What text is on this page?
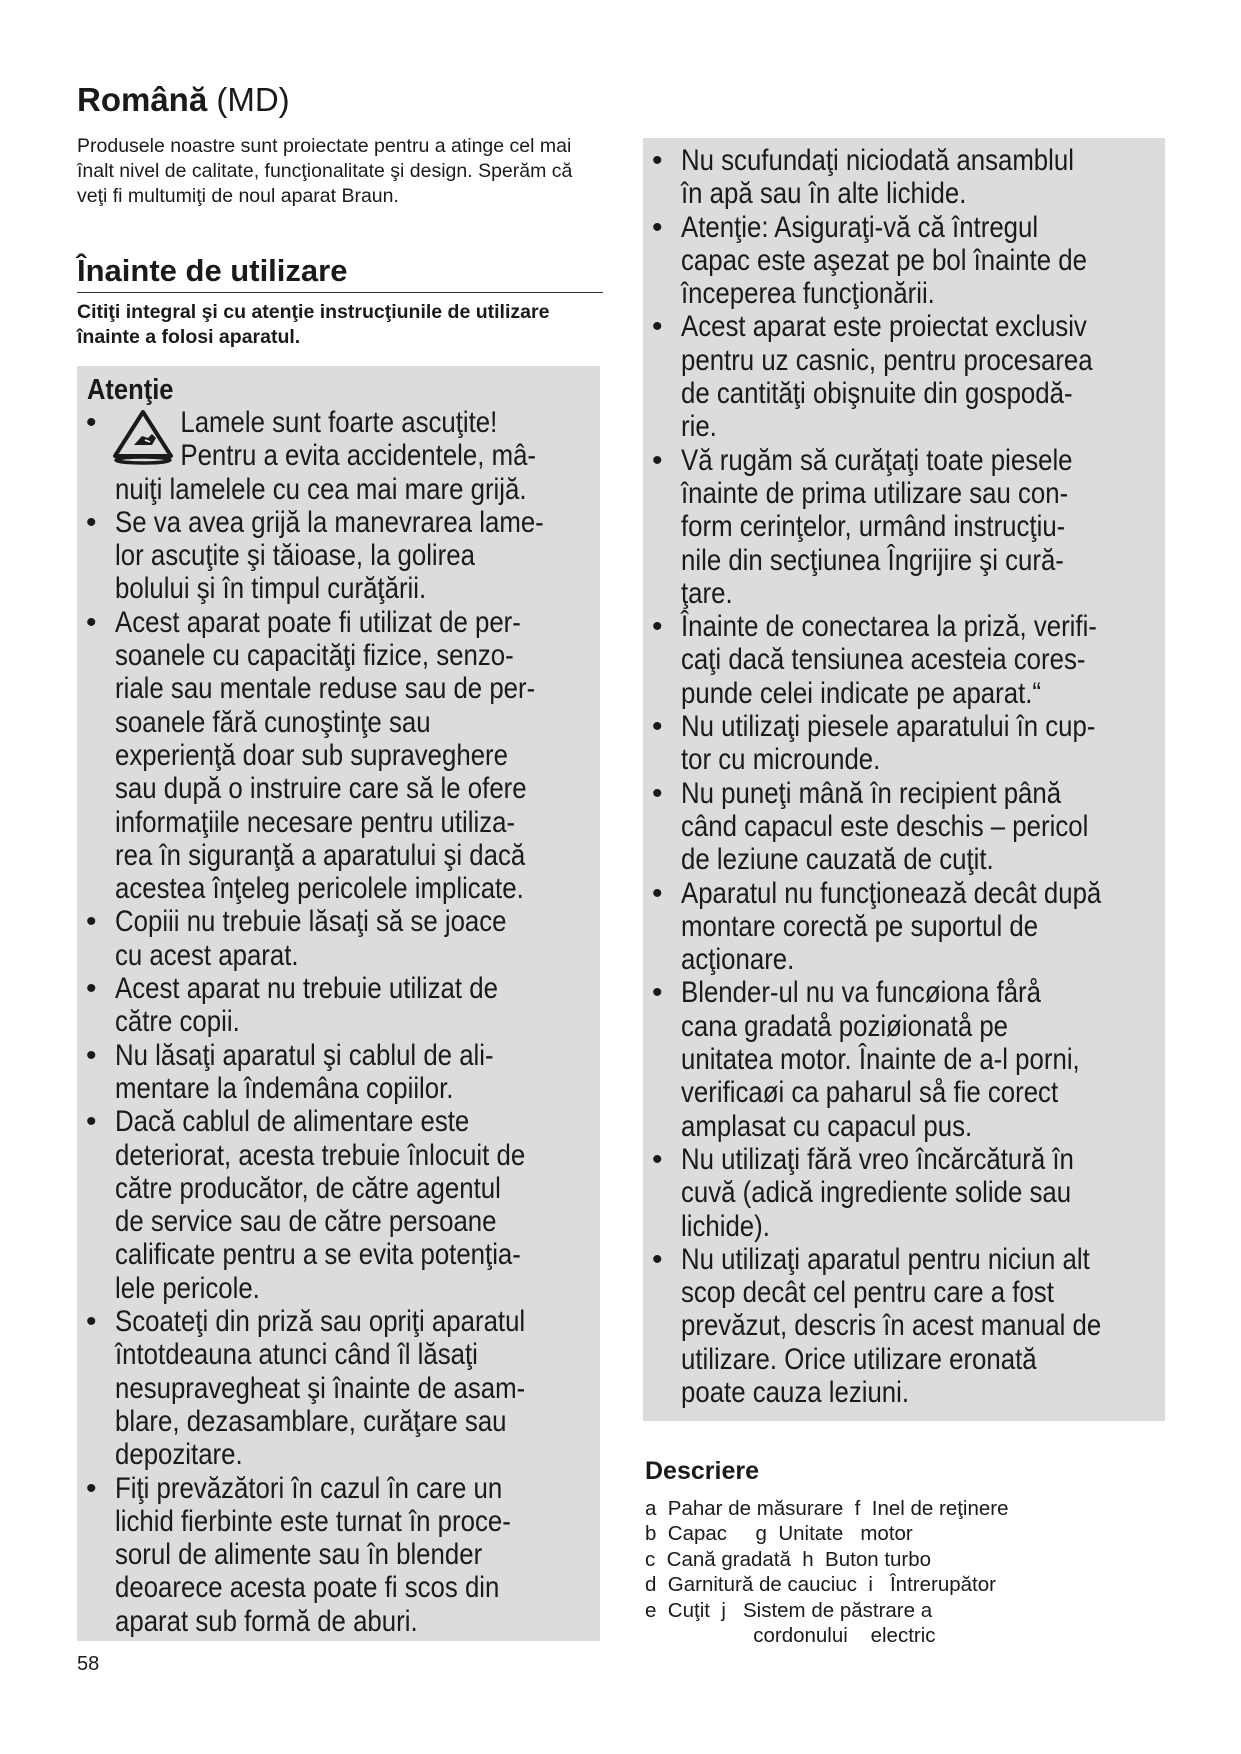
Română (MD)
Produsele noastre sunt proiectate pentru a atinge cel mai înalt nivel de calitate, funcţionalitate şi design. Sperăm că veţi fi multumiţi de noul aparat Braun.
Înainte de utilizare
Citiţi integral şi cu atenţie instrucţiunile de utilizare înainte a folosi aparatul.
Atenţie
•	Lamele sunt foarte ascuţite!
Pentru a evita accidentele, mâ-
nuiţi lamelele cu cea mai mare grijă.
• Se va avea grijă la manevrarea lame-
lor ascuţite şi tăioase, la golirea
bolului şi în timpul curăţării.
• Acest aparat poate fi utilizat de per-
soanele cu capacităţi fizice, senzo-
riale sau mentale reduse sau de per-
soanele fără cunoştinţe sau
experienţă doar sub supraveghere
sau după o instruire care să le ofere
informaţiile necesare pentru utiliza-
rea în siguranţă a aparatului şi dacă
acestea înţeleg pericolele implicate.
• Copiii nu trebuie lăsaţi să se joace
cu acest aparat.
• Acest aparat nu trebuie utilizat de
către copii.
• Nu lăsaţi aparatul şi cablul de ali-
mentare la îndemâna copiilor.
• Dacă cablul de alimentare este
deteriorat, acesta trebuie înlocuit de
către producător, de către agentul
de service sau de către persoane
calificate pentru a se evita potenţia-
lele pericole.
• Scoateţi din priză sau opriţi aparatul
întotdeauna atunci când îl lăsaţi
nesupravegheat şi înainte de asam-
blare, dezasamblare, curăţare sau
depozitare.
• Fiţi prevăzători în cazul în care un
lichid fierbinte este turnat în proce-
sorul de alimente sau în blender
deoarece acesta poate fi scos din
aparat sub formă de aburi.
• Nu scufundaţi niciodată ansamblul
în apă sau în alte lichide.
• Atenţie: Asiguraţi-vă că întregul
capac este aşezat pe bol înainte de
începerea funcţionării.
• Acest aparat este proiectat exclusiv
pentru uz casnic, pentru procesarea
de cantităţi obişnuite din gospodă-
rie.
• Vă rugăm să curăţaţi toate piesele
înainte de prima utilizare sau con-
form cerinţelor, urmând instrucţiu-
nile din secţiunea Îngrijire şi cură-
ţare.
• Înainte de conectarea la priză, verifi-
caţi dacă tensiunea acesteia cores-
punde celei indicate pe aparat.“
• Nu utilizaţi piesele aparatului în cup-
tor cu microunde.
• Nu puneţi mână în recipient până
când capacul este deschis – pericol
de leziune cauzată de cuţit.
• Aparatul nu funcţionează decât după
montare corectă pe suportul de
acţionare.
• Blender-ul nu va funcøiona fårå
cana gradatå poziøionatå pe
unitatea motor. Înainte de a-l porni,
verificaøi ca paharul så fie corect
amplasat cu capacul pus.
• Nu utilizaţi fără vreo încărcătură în
cuvă (adică ingrediente solide sau
lichide).
• Nu utilizaţi aparatul pentru niciun alt
scop decât cel pentru care a fost
prevăzut, descris în acest manual de
utilizare. Orice utilizare eronată
poate cauza leziuni.
Descriere
a  Pahar de măsurare  f  Inel de reţinere
b  Capac     g  Unitate   motor
c  Cană gradată  h  Buton turbo
d  Garnitură de cauciuc  i   Întrerupător
e  Cuţit  j   Sistem de păstrare a
cordonului    electric
58
